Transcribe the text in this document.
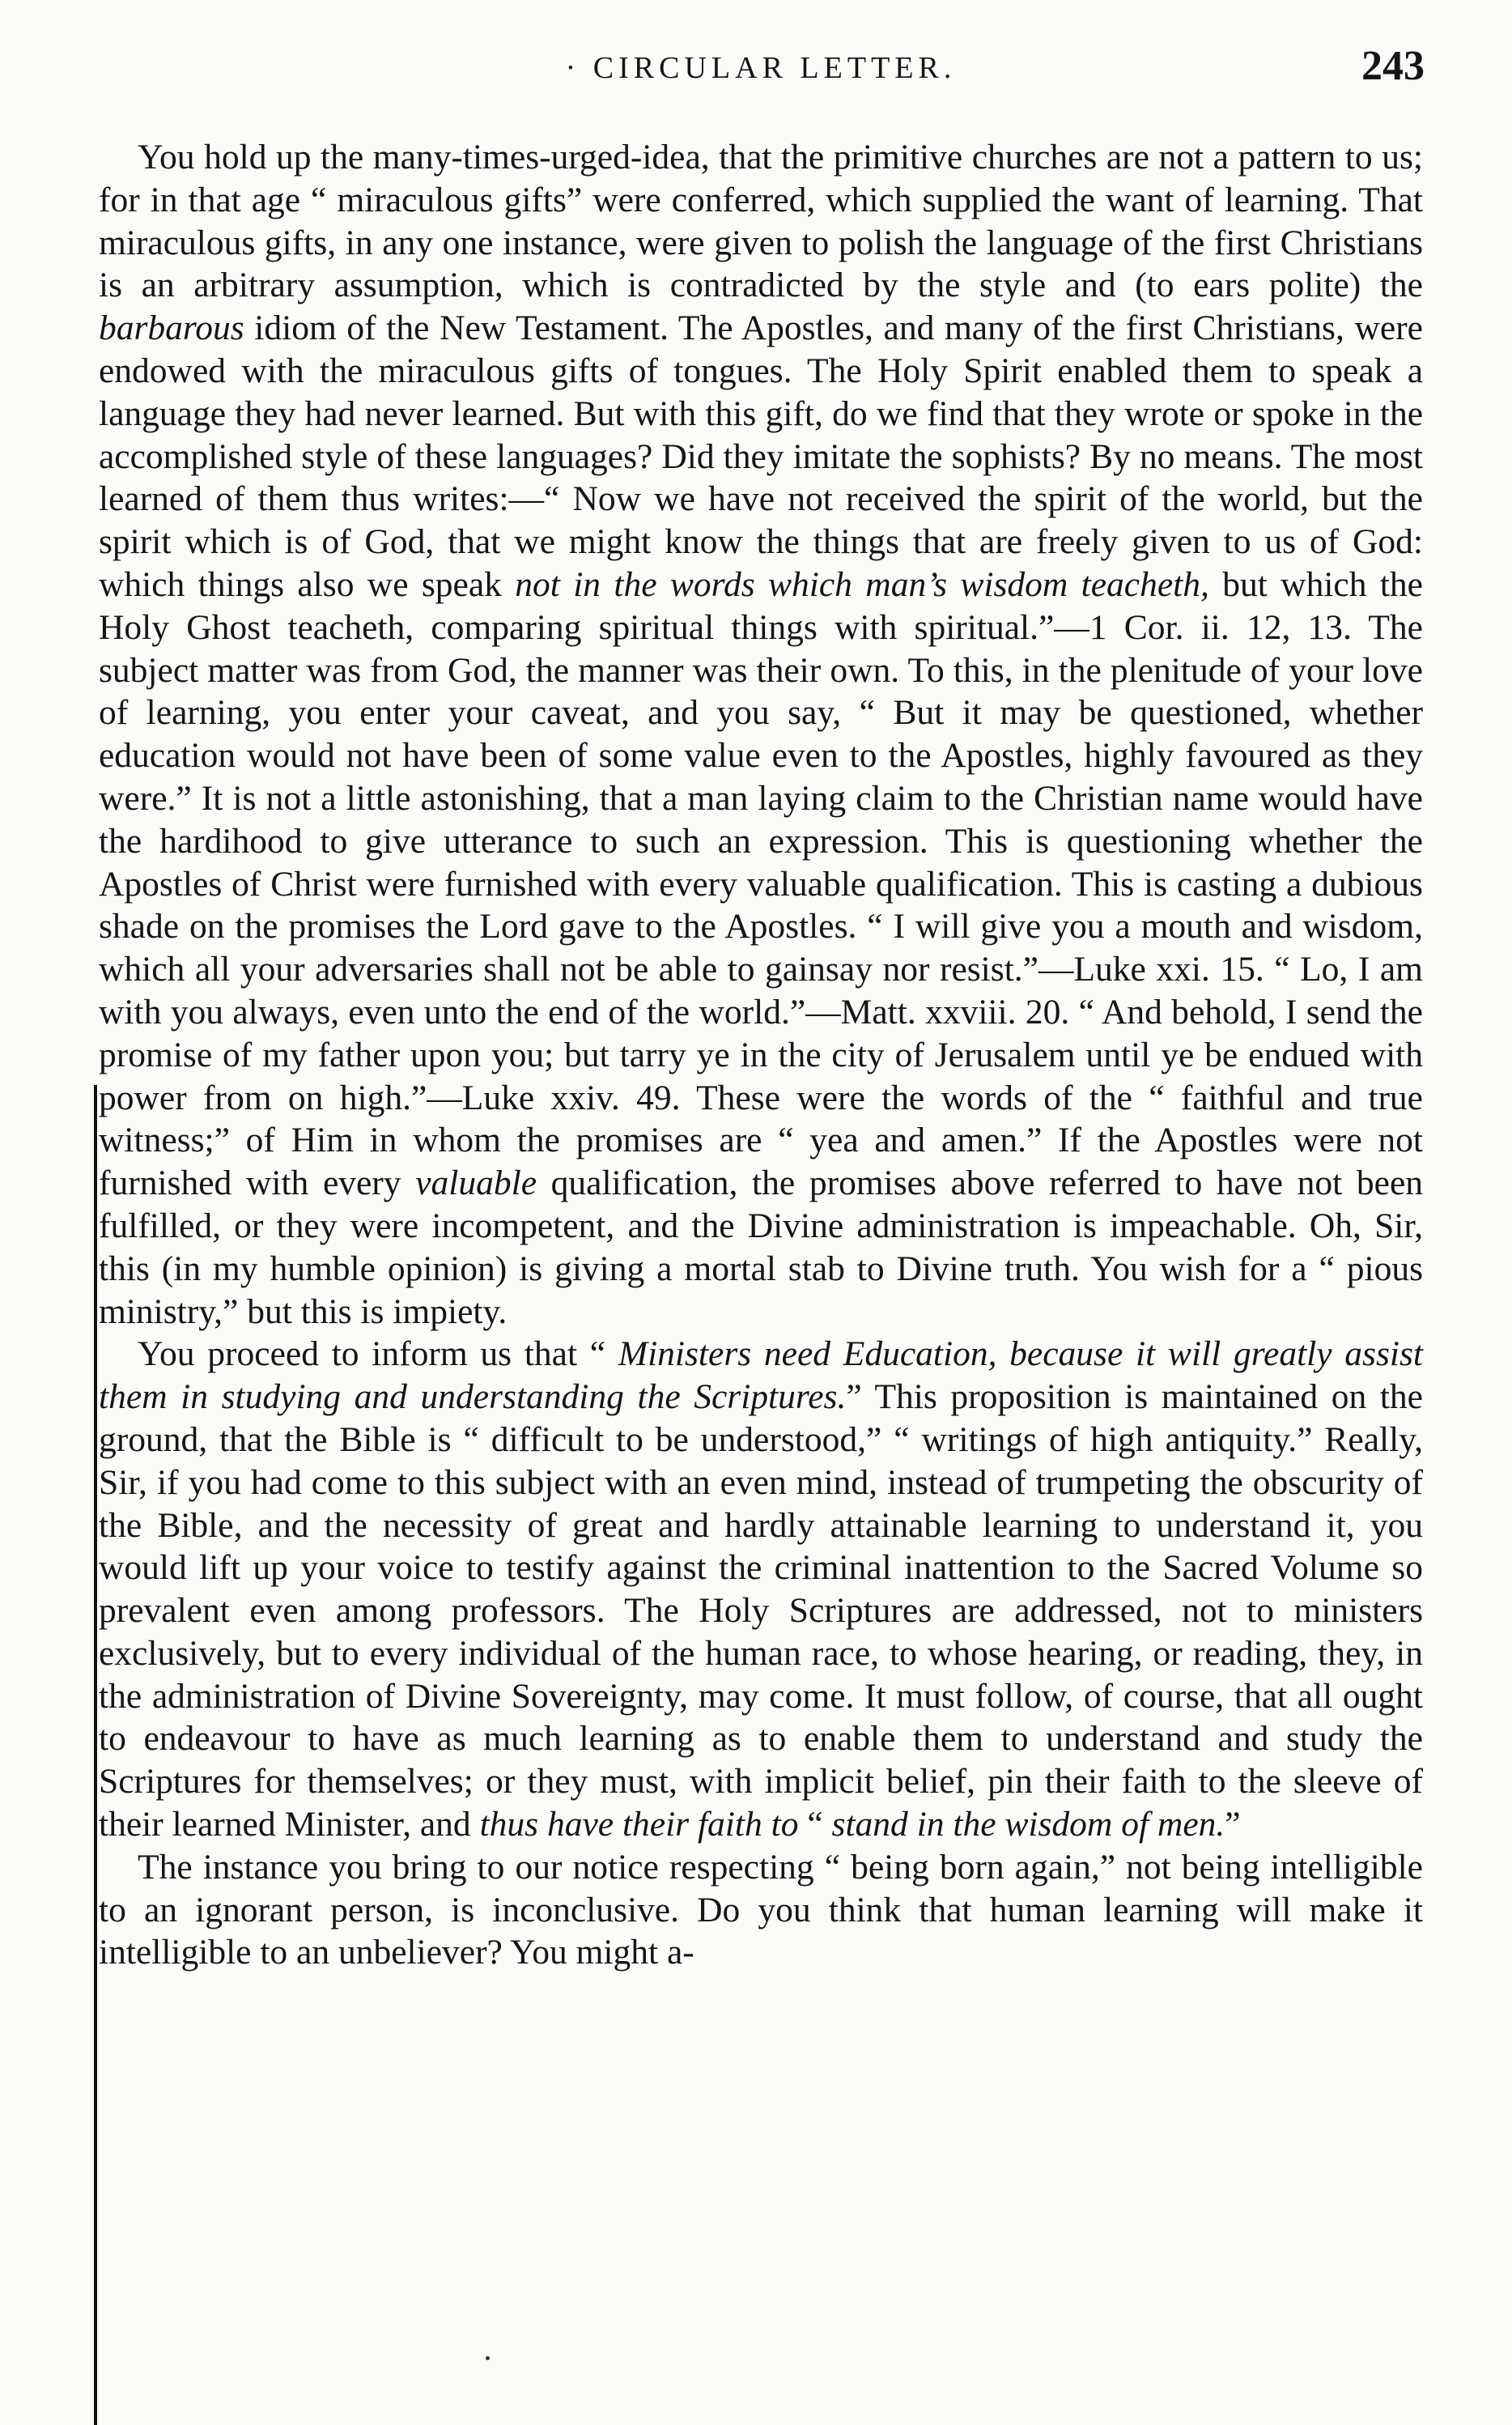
· CIRCULAR LETTER.	243

You hold up the many-times-urged-idea, that the primitive churches are not a pattern to us; for in that age “ miraculous gifts” were conferred, which supplied the want of learning. That miraculous gifts, in any one instance, were given to polish the language of the first Christians is an arbitrary assumption, which is contradicted by the style and (to ears polite) the barbarous idiom of the New Testament. The Apostles, and many of the first Christians, were endowed with the miraculous gifts of tongues. The Holy Spirit enabled them to speak a language they had never learned. But with this gift, do we find that they wrote or spoke in the accomplished style of these languages? Did they imitate the sophists? By no means. The most learned of them thus writes:—“ Now we have not received the spirit of the world, but the spirit which is of God, that we might know the things that are freely given to us of God: which things also we speak not in the words which man’s wisdom teacheth, but which the Holy Ghost teacheth, comparing spiritual things with spiritual.”—1 Cor. ii. 12, 13. The subject matter was from God, the manner was their own. To this, in the plenitude of your love of learning, you enter your caveat, and you say, “ But it may be questioned, whether education would not have been of some value even to the Apostles, highly favoured as they were.” It is not a little astonishing, that a man laying claim to the Christian name would have the hardihood to give utterance to such an expression. This is questioning whether the Apostles of Christ were furnished with every valuable qualification. This is casting a dubious shade on the promises the Lord gave to the Apostles. “ I will give you a mouth and wisdom, which all your adversaries shall not be able to gainsay nor resist.”—Luke xxi. 15. “ Lo, I am with you always, even unto the end of the world.”—Matt. xxviii. 20. “ And behold, I send the promise of my father upon you; but tarry ye in the city of Jerusalem until ye be endued with power from on high.”—Luke xxiv. 49. These were the words of the “ faithful and true witness;” of Him in whom the promises are “ yea and amen.” If the Apostles were not furnished with every valuable qualification, the promises above referred to have not been fulfilled, or they were incompetent, and the Divine administration is impeachable. Oh, Sir, this (in my humble opinion) is giving a mortal stab to Divine truth. You wish for a “ pious ministry,” but this is impiety.

You proceed to inform us that “ Ministers need Education, because it will greatly assist them in studying and understanding the Scriptures.” This proposition is maintained on the ground, that the Bible is “ difficult to be understood,” “ writings of high antiquity.” Really, Sir, if you had come to this subject with an even mind, instead of trumpeting the obscurity of the Bible, and the necessity of great and hardly attainable learning to understand it, you would lift up your voice to testify against the criminal inattention to the Sacred Volume so prevalent even among professors. The Holy Scriptures are addressed, not to ministers exclusively, but to every individual of the human race, to whose hearing, or reading, they, in the administration of Divine Sovereignty, may come. It must follow, of course, that all ought to endeavour to have as much learning as to enable them to understand and study the Scriptures for themselves; or they must, with implicit belief, pin their faith to the sleeve of their learned Minister, and thus have their faith to “ stand in the wisdom of men.”

The instance you bring to our notice respecting “ being born again,” not being intelligible to an ignorant person, is inconclusive. Do you think that human learning will make it intelligible to an unbeliever? You might a-
